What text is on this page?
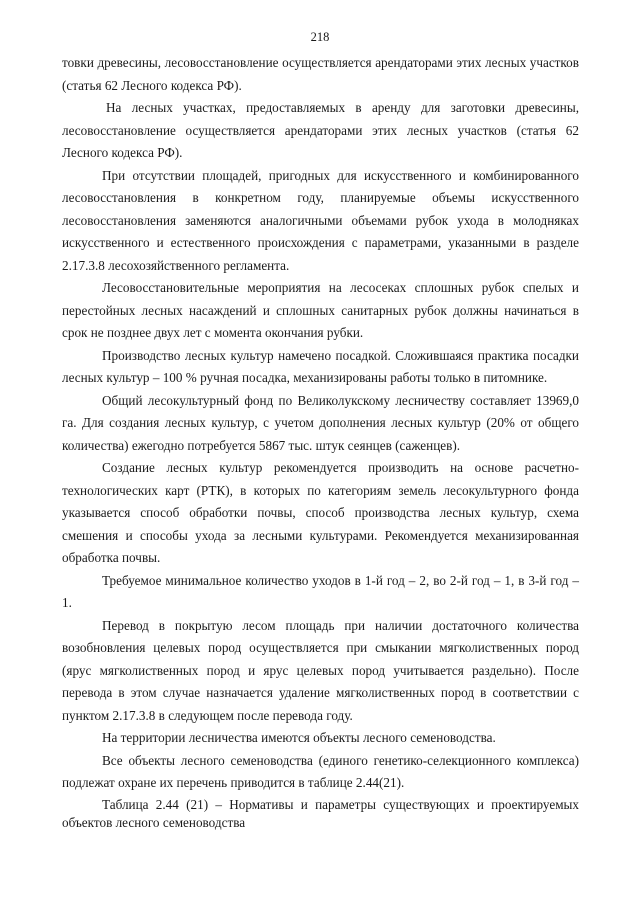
218

товки древесины, лесовосстановление осуществляется арендаторами этих лесных участков (статья 62 Лесного кодекса РФ).

На лесных участках, предоставляемых в аренду для заготовки древесины, лесовосстановление осуществляется арендаторами этих лесных участков (статья 62 Лесного кодекса РФ).

При отсутствии площадей, пригодных для искусственного и комбинированного лесовосстановления в конкретном году, планируемые объемы искусственного лесовосстановления заменяются аналогичными объемами рубок ухода в молодняках искусственного и естественного происхождения с параметрами, указанными в разделе 2.17.3.8 лесохозяйственного регламента.

Лесовосстановительные мероприятия на лесосеках сплошных рубок спелых и перестойных лесных насаждений и сплошных санитарных рубок должны начинаться в срок не позднее двух лет с момента окончания рубки.

Производство лесных культур намечено посадкой. Сложившаяся практика посадки лесных культур – 100 % ручная посадка, механизированы работы только в питомнике.

Общий лесокультурный фонд по Великолукскому лесничеству составляет 13969,0 га. Для создания лесных культур, с учетом дополнения лесных культур (20% от общего количества) ежегодно потребуется 5867 тыс. штук сеянцев (саженцев).

Создание лесных культур рекомендуется производить на основе расчетно-технологических карт (РТК), в которых по категориям земель лесокультурного фонда указывается способ обработки почвы, способ производства лесных культур, схема смешения и способы ухода за лесными культурами. Рекомендуется механизированная обработка почвы.

Требуемое минимальное количество уходов в 1-й год – 2, во 2-й год – 1, в 3-й год – 1.

Перевод в покрытую лесом площадь при наличии достаточного количества возобновления целевых пород осуществляется при смыкании мягколиственных пород (ярус мягколиственных пород и ярус целевых пород учитывается раздельно). После перевода в этом случае назначается удаление мягколиственных пород в соответствии с пунктом 2.17.3.8 в следующем после перевода году.

На территории лесничества имеются объекты лесного семеноводства.

Все объекты лесного семеноводства (единого генетико-селекционного комплекса) подлежат охране их перечень приводится в таблице 2.44(21).

Таблица 2.44 (21) – Нормативы и параметры существующих и проектируемых объектов лесного семеноводства
